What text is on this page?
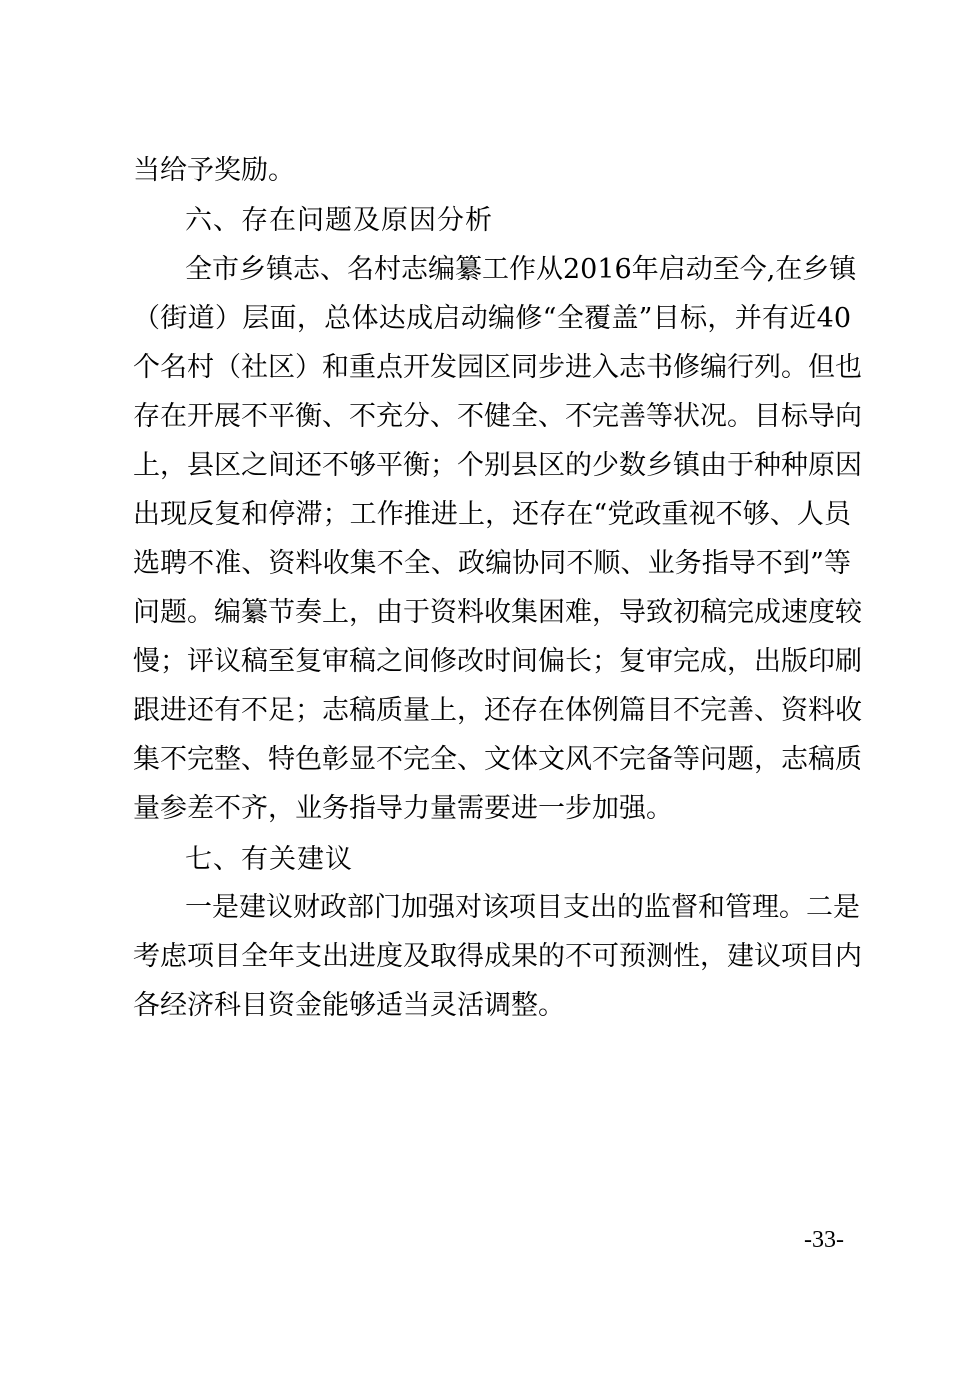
当给予奖励。
六、存在问题及原因分析
全市乡镇志、名村志编纂工作从2016年启动至今,在乡镇
（街道）层面，总体达成启动编修“全覆盖”目标，并有近40
个名村（社区）和重点开发园区同步进入志书修编行列。但也
存在开展不平衡、不充分、不健全、不完善等状况。目标导向
上，县区之间还不够平衡；个别县区的少数乡镇由于种种原因
出现反复和停滞；工作推进上，还存在“党政重视不够、人员
选聘不准、资料收集不全、政编协同不顺、业务指导不到”等
问题。编纂节奏上，由于资料收集困难，导致初稿完成速度较
慢；评议稿至复审稿之间修改时间偏长；复审完成，出版印刷
跟进还有不足；志稿质量上，还存在体例篇目不完善、资料收
集不完整、特色彰显不完全、文体文风不完备等问题，志稿质
量参差不齐，业务指导力量需要进一步加强。
七、有关建议
一是建议财政部门加强对该项目支出的监督和管理。二是
考虑项目全年支出进度及取得成果的不可预测性，建议项目内
各经济科目资金能够适当灵活调整。
-33-
